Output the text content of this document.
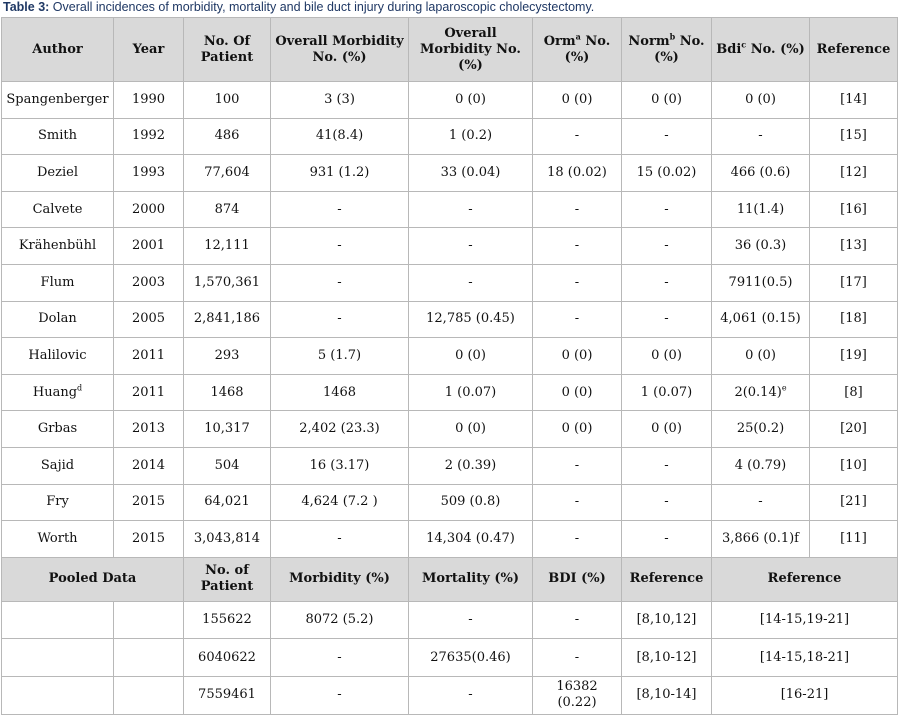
Table 3: Overall incidences of morbidity, mortality and bile duct injury during laparoscopic cholecystectomy.
Author	Year	No. Of Patient	Overall Morbidity No. (%)	Overall Morbidity No. (%)	Orm$^a$ No. (%)	Norm$^b$ No. (%)	Bdi$^c$ No. (%)	Reference
Spangenberger	1990	100	3 (3)	0 (0)	0 (0)	0 (0)	0 (0)	[14]
Smith	1992	486	41(8.4)	1 (0.2)	-	-	-	[15]
Deziel	1993	77,604	931 (1.2)	33 (0.04)	18 (0.02)	15 (0.02)	466 (0.6)	[12]
Calvete	2000	874	-	-	-	-	11(1.4)	[16]
Krähenbühl	2001	12,111	-	-	-	-	36 (0.3)	[13]
Flum	2003	1,570,361	-	-	-	-	7911(0.5)	[17]
Dolan	2005	2,841,186	-	12,785 (0.45)	-	-	4,061 (0.15)	[18]
Halilovic	2011	293	5 (1.7)	0 (0)	0 (0)	0 (0)	0 (0)	[19]
Huang$^d$	2011	1468	1468	1 (0.07)	0 (0)	1 (0.07)	$2(0.14)^e$	[8]
Grbas	2013	10,317	2,402 (23.3)	0 (0)	0 (0)	0 (0)	25(0.2)	[20]
Sajid	2014	504	16 (3.17)	2 (0.39)	-	-	4 (0.79)	[10]
Fry	2015	64,021	4,624 (7.2 )	509 (0.8)	-	-	-	[21]
Worth	2015	3,043,814	-	14,304 (0.47)	-	-	3,866 (0.1)f	[11]
Pooled Data		No. of Patient	Morbidity (%)	Mortality (%)	BDI (%)	Reference	Reference	
		155622	8072 (5.2)	-	-	[8,10,12]	[14-15,19-21]	
		6040622	-	27635(0.46)	-	[8,10-12]	[14-15,18-21]	
		7559461	-	-	16382 (0.22)	[8,10-14]	[16-21]	
